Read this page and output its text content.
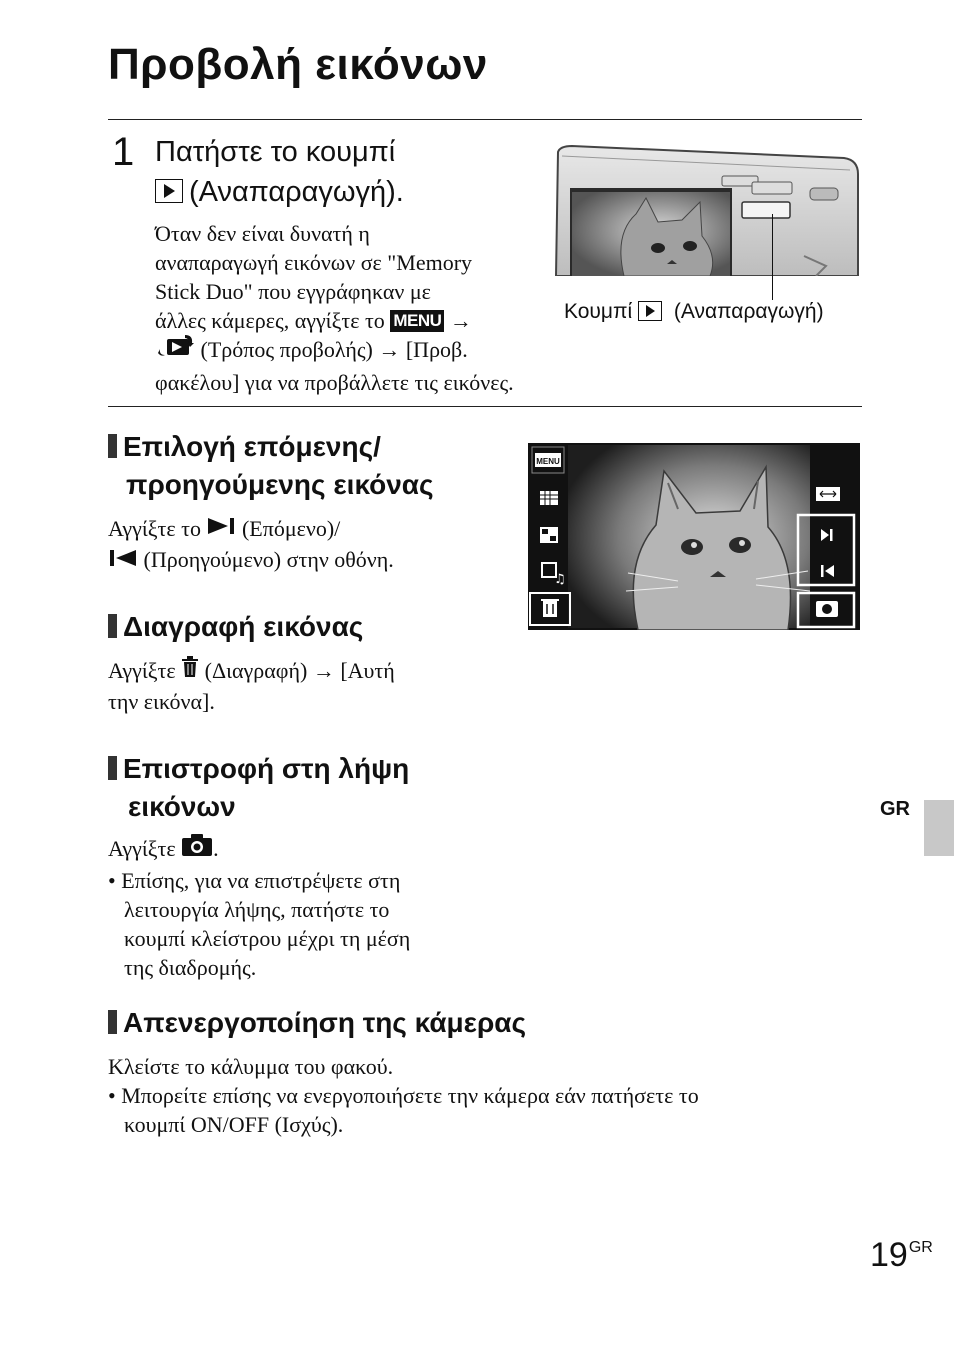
Προβολή εικόνων
1 Πατήστε το κουμπί
(Αναπαραγωγή).
Όταν δεν είναι δυνατή η
αναπαραγωγή εικόνων σε "Memory
Stick Duo" που εγγράφηκαν με
άλλες κάμερες, αγγίξτε το MENU →
(Τρόπος προβολής) → [Προβ.
φακέλου] για να προβάλλετε τις εικόνες.
Κουμπί (Αναπαραγωγή)
Επιλογή επόμενης/
προηγούμενης εικόνας
Αγγίξτε το (Επόμενο)/
(Προηγούμενο) στην οθόνη.
MENU
♫
Διαγραφή εικόνας
Αγγίξτε (Διαγραφή) → [Αυτή
την εικόνα].
Επιστροφή στη λήψη
εικόνων
Αγγίξτε .
• Επίσης, για να επιστρέψετε στη
λειτουργία λήψης, πατήστε το
κουμπί κλείστρου μέχρι τη μέση
της διαδρομής.
Απενεργοποίηση της κάμερας
Κλείστε το κάλυμμα του φακού.
• Μπορείτε επίσης να ενεργοποιήσετε την κάμερα εάν πατήσετε το
κουμπί ON/OFF (Ισχύς).
GR
$19^{GR}$
